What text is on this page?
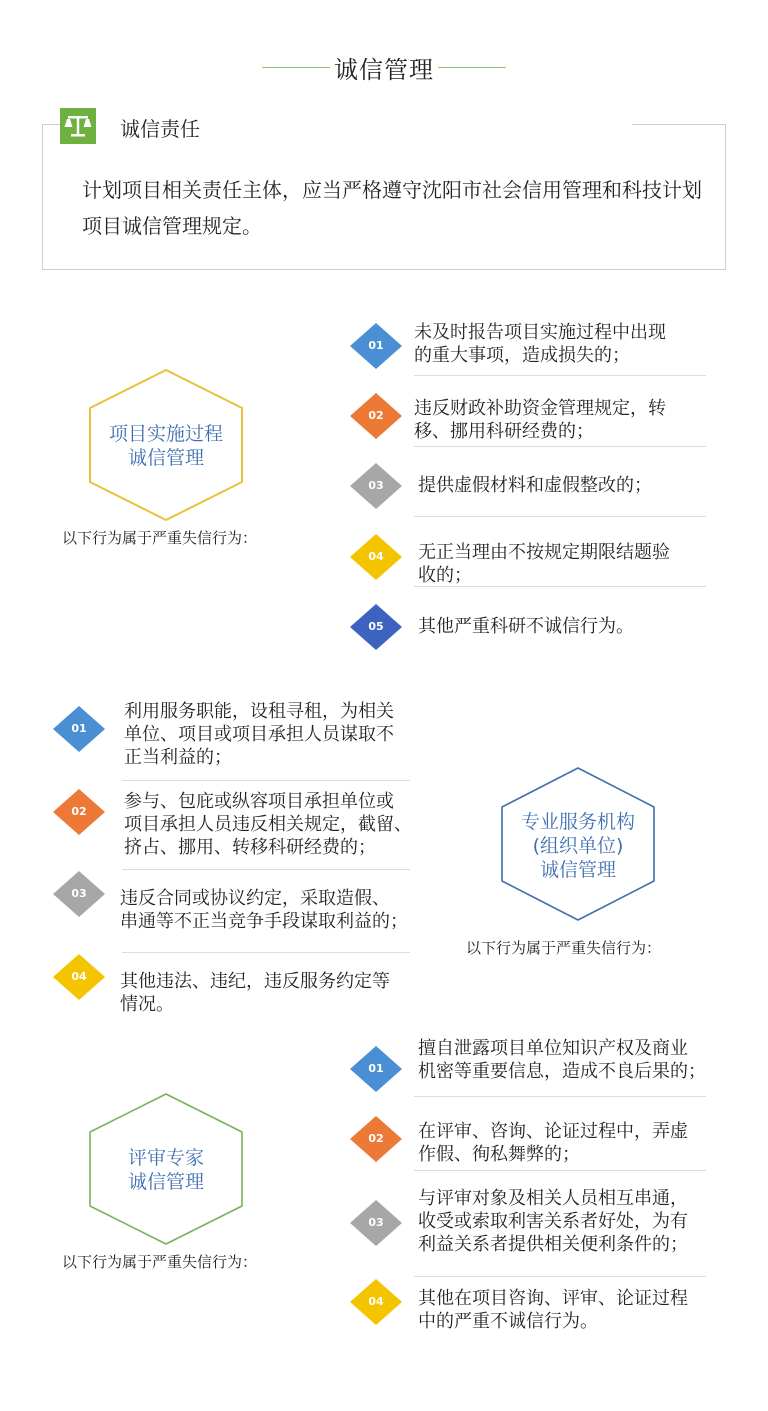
诚信管理
诚信责任
计划项目相关责任主体，应当严格遵守沈阳市社会信用管理和科技计划项目诚信管理规定。
项目实施过程
诚信管理
以下行为属于严重失信行为：
01
未及时报告项目实施过程中出现
的重大事项，造成损失的；
02	违反财政补助资金管理规定，转
移、挪用科研经费的；
03	提供虚假材料和虚假整改的；
04	无正当理由不按规定期限结题验
收的；
05	其他严重科研不诚信行为。
专业服务机构
(组织单位)
诚信管理
以下行为属于严重失信行为：
01
利用服务职能，设租寻租，为相关
单位、项目或项目承担人员谋取不
正当利益的；
02	参与、包庇或纵容项目承担单位或
项目承担人员违反相关规定，截留、
挤占、挪用、转移科研经费的；
03	违反合同或协议约定，采取造假、
串通等不正当竞争手段谋取利益的；
04	其他违法、违纪，违反服务约定等
情况。
评审专家
诚信管理
以下行为属于严重失信行为：
01
擅自泄露项目单位知识产权及商业
机密等重要信息，造成不良后果的；
02	在评审、咨询、论证过程中，弄虚
作假、徇私舞弊的；
03
与评审对象及相关人员相互串通，
收受或索取利害关系者好处，为有
利益关系者提供相关便利条件的；
04	其他在项目咨询、评审、论证过程
中的严重不诚信行为。
